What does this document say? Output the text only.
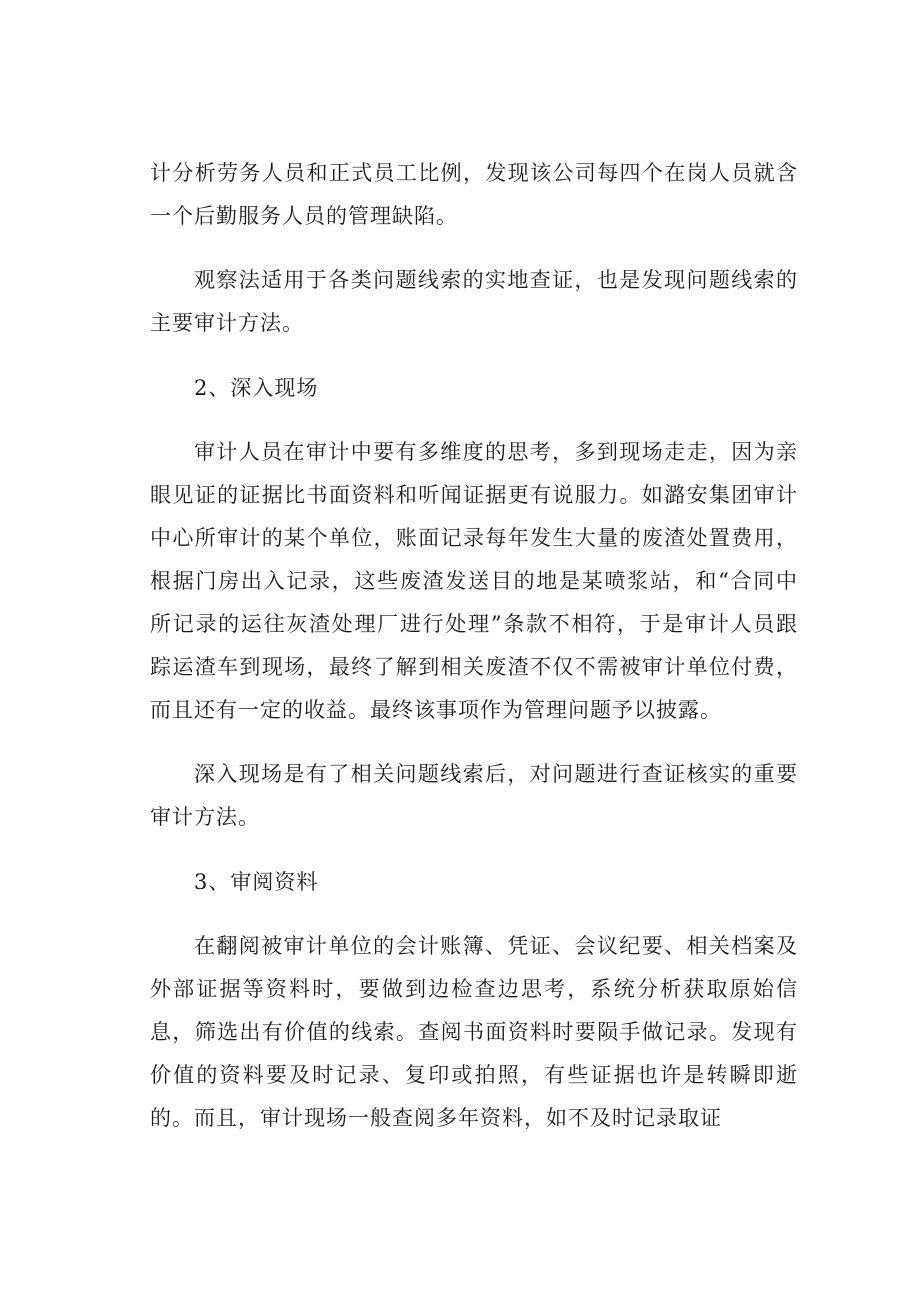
计分析劳务人员和正式员工比例，发现该公司每四个在岗人员就含一个后勤服务人员的管理缺陷。

观察法适用于各类问题线索的实地查证，也是发现问题线索的主要审计方法。

2、深入现场

审计人员在审计中要有多维度的思考，多到现场走走，因为亲眼见证的证据比书面资料和听闻证据更有说服力。如潞安集团审计中心所审计的某个单位，账面记录每年发生大量的废渣处置费用，根据门房出入记录，这些废渣发送目的地是某喷浆站，和“合同中所记录的运往灰渣处理厂进行处理”条款不相符，于是审计人员跟踪运渣车到现场，最终了解到相关废渣不仅不需被审计单位付费，而且还有一定的收益。最终该事项作为管理问题予以披露。

深入现场是有了相关问题线索后，对问题进行查证核实的重要审计方法。

3、审阅资料

在翻阅被审计单位的会计账簿、凭证、会议纪要、相关档案及外部证据等资料时，要做到边检查边思考，系统分析获取原始信息，筛选出有价值的线索。查阅书面资料时要陨手做记录。发现有价值的资料要及时记录、复印或拍照，有些证据也许是转瞬即逝的。而且，审计现场一般查阅多年资料，如不及时记录取证
